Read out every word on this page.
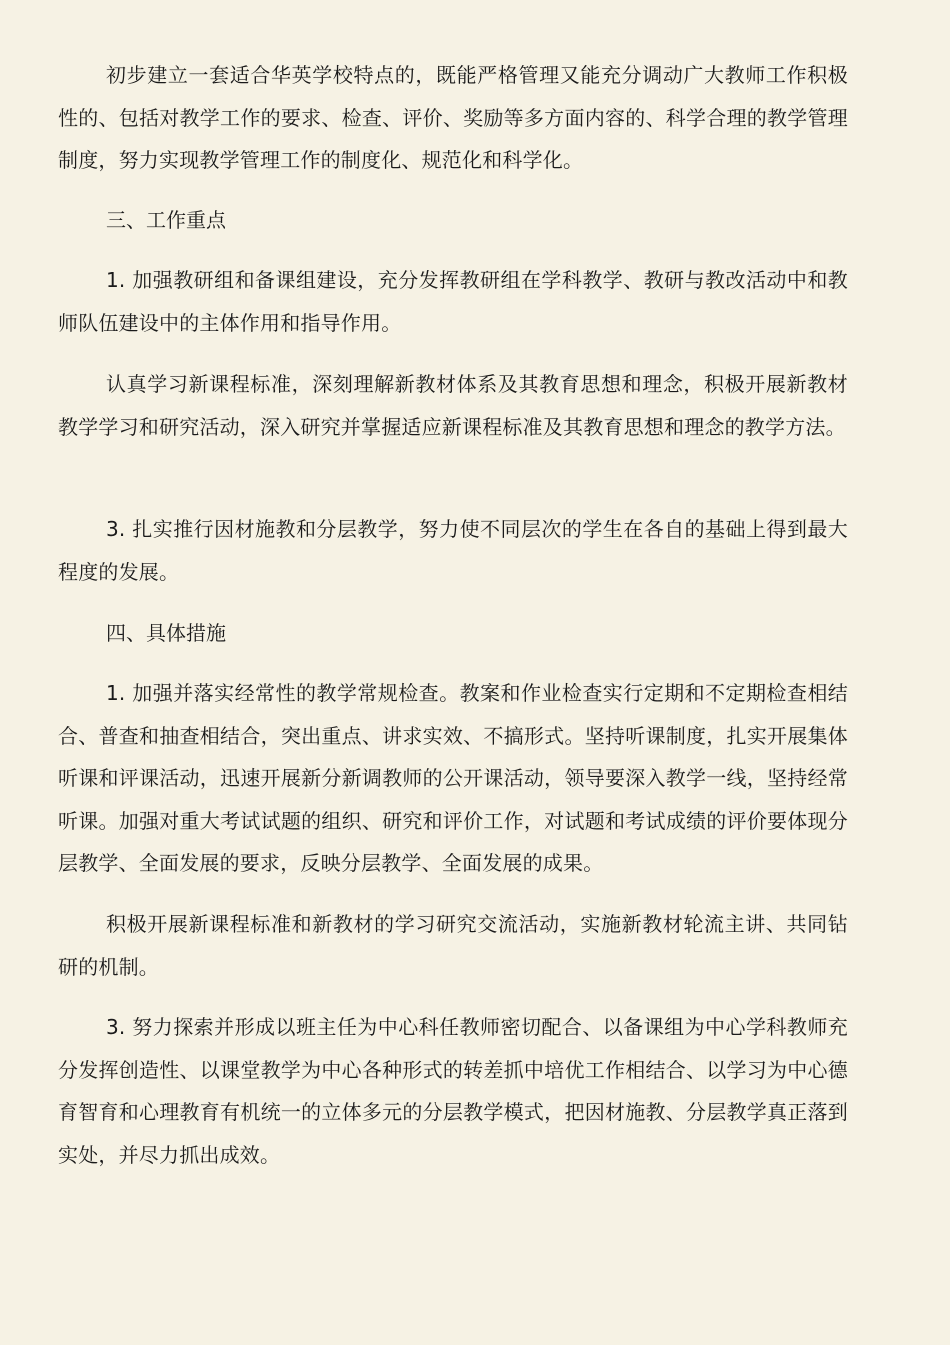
初步建立一套适合华英学校特点的，既能严格管理又能充分调动广大教师工作积极性的、包括对教学工作的要求、检查、评价、奖励等多方面内容的、科学合理的教学管理制度，努力实现教学管理工作的制度化、规范化和科学化。

三、工作重点

1. 加强教研组和备课组建设，充分发挥教研组在学科教学、教研与教改活动中和教师队伍建设中的主体作用和指导作用。

认真学习新课程标准，深刻理解新教材体系及其教育思想和理念，积极开展新教材教学学习和研究活动，深入研究并掌握适应新课程标准及其教育思想和理念的教学方法。

3. 扎实推行因材施教和分层教学，努力使不同层次的学生在各自的基础上得到最大程度的发展。

四、具体措施

1. 加强并落实经常性的教学常规检查。教案和作业检查实行定期和不定期检查相结合、普查和抽查相结合，突出重点、讲求实效、不搞形式。坚持听课制度，扎实开展集体听课和评课活动，迅速开展新分新调教师的公开课活动，领导要深入教学一线，坚持经常听课。加强对重大考试试题的组织、研究和评价工作，对试题和考试成绩的评价要体现分层教学、全面发展的要求，反映分层教学、全面发展的成果。

积极开展新课程标准和新教材的学习研究交流活动，实施新教材轮流主讲、共同钻研的机制。

3. 努力探索并形成以班主任为中心科任教师密切配合、以备课组为中心学科教师充分发挥创造性、以课堂教学为中心各种形式的转差抓中培优工作相结合、以学习为中心德育智育和心理教育有机统一的立体多元的分层教学模式，把因材施教、分层教学真正落到实处，并尽力抓出成效。
